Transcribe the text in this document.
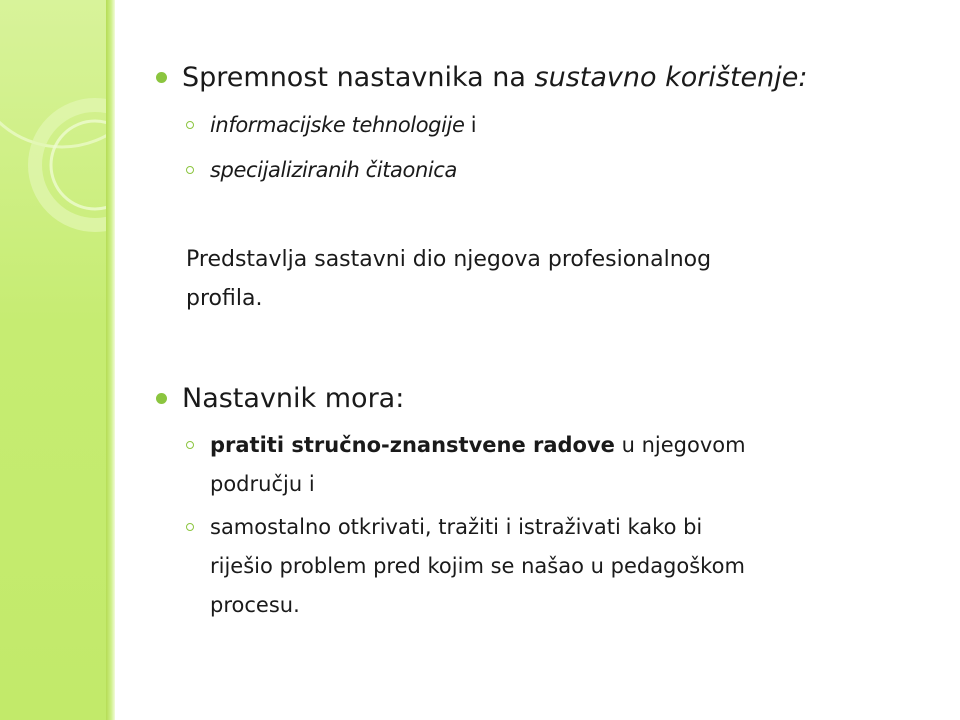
Spremnost nastavnika na sustavno korištenje:

informacijske tehnologije i

specijaliziranih čitaonica

Predstavlja sastavni dio njegova profesionalnog

profila.

Nastavnik mora:

pratiti stručno-znanstvene radove u njegovom

području i

samostalno otkrivati, tražiti i istraživati kako bi

riješio problem pred kojim se našao u pedagoškom

procesu.
